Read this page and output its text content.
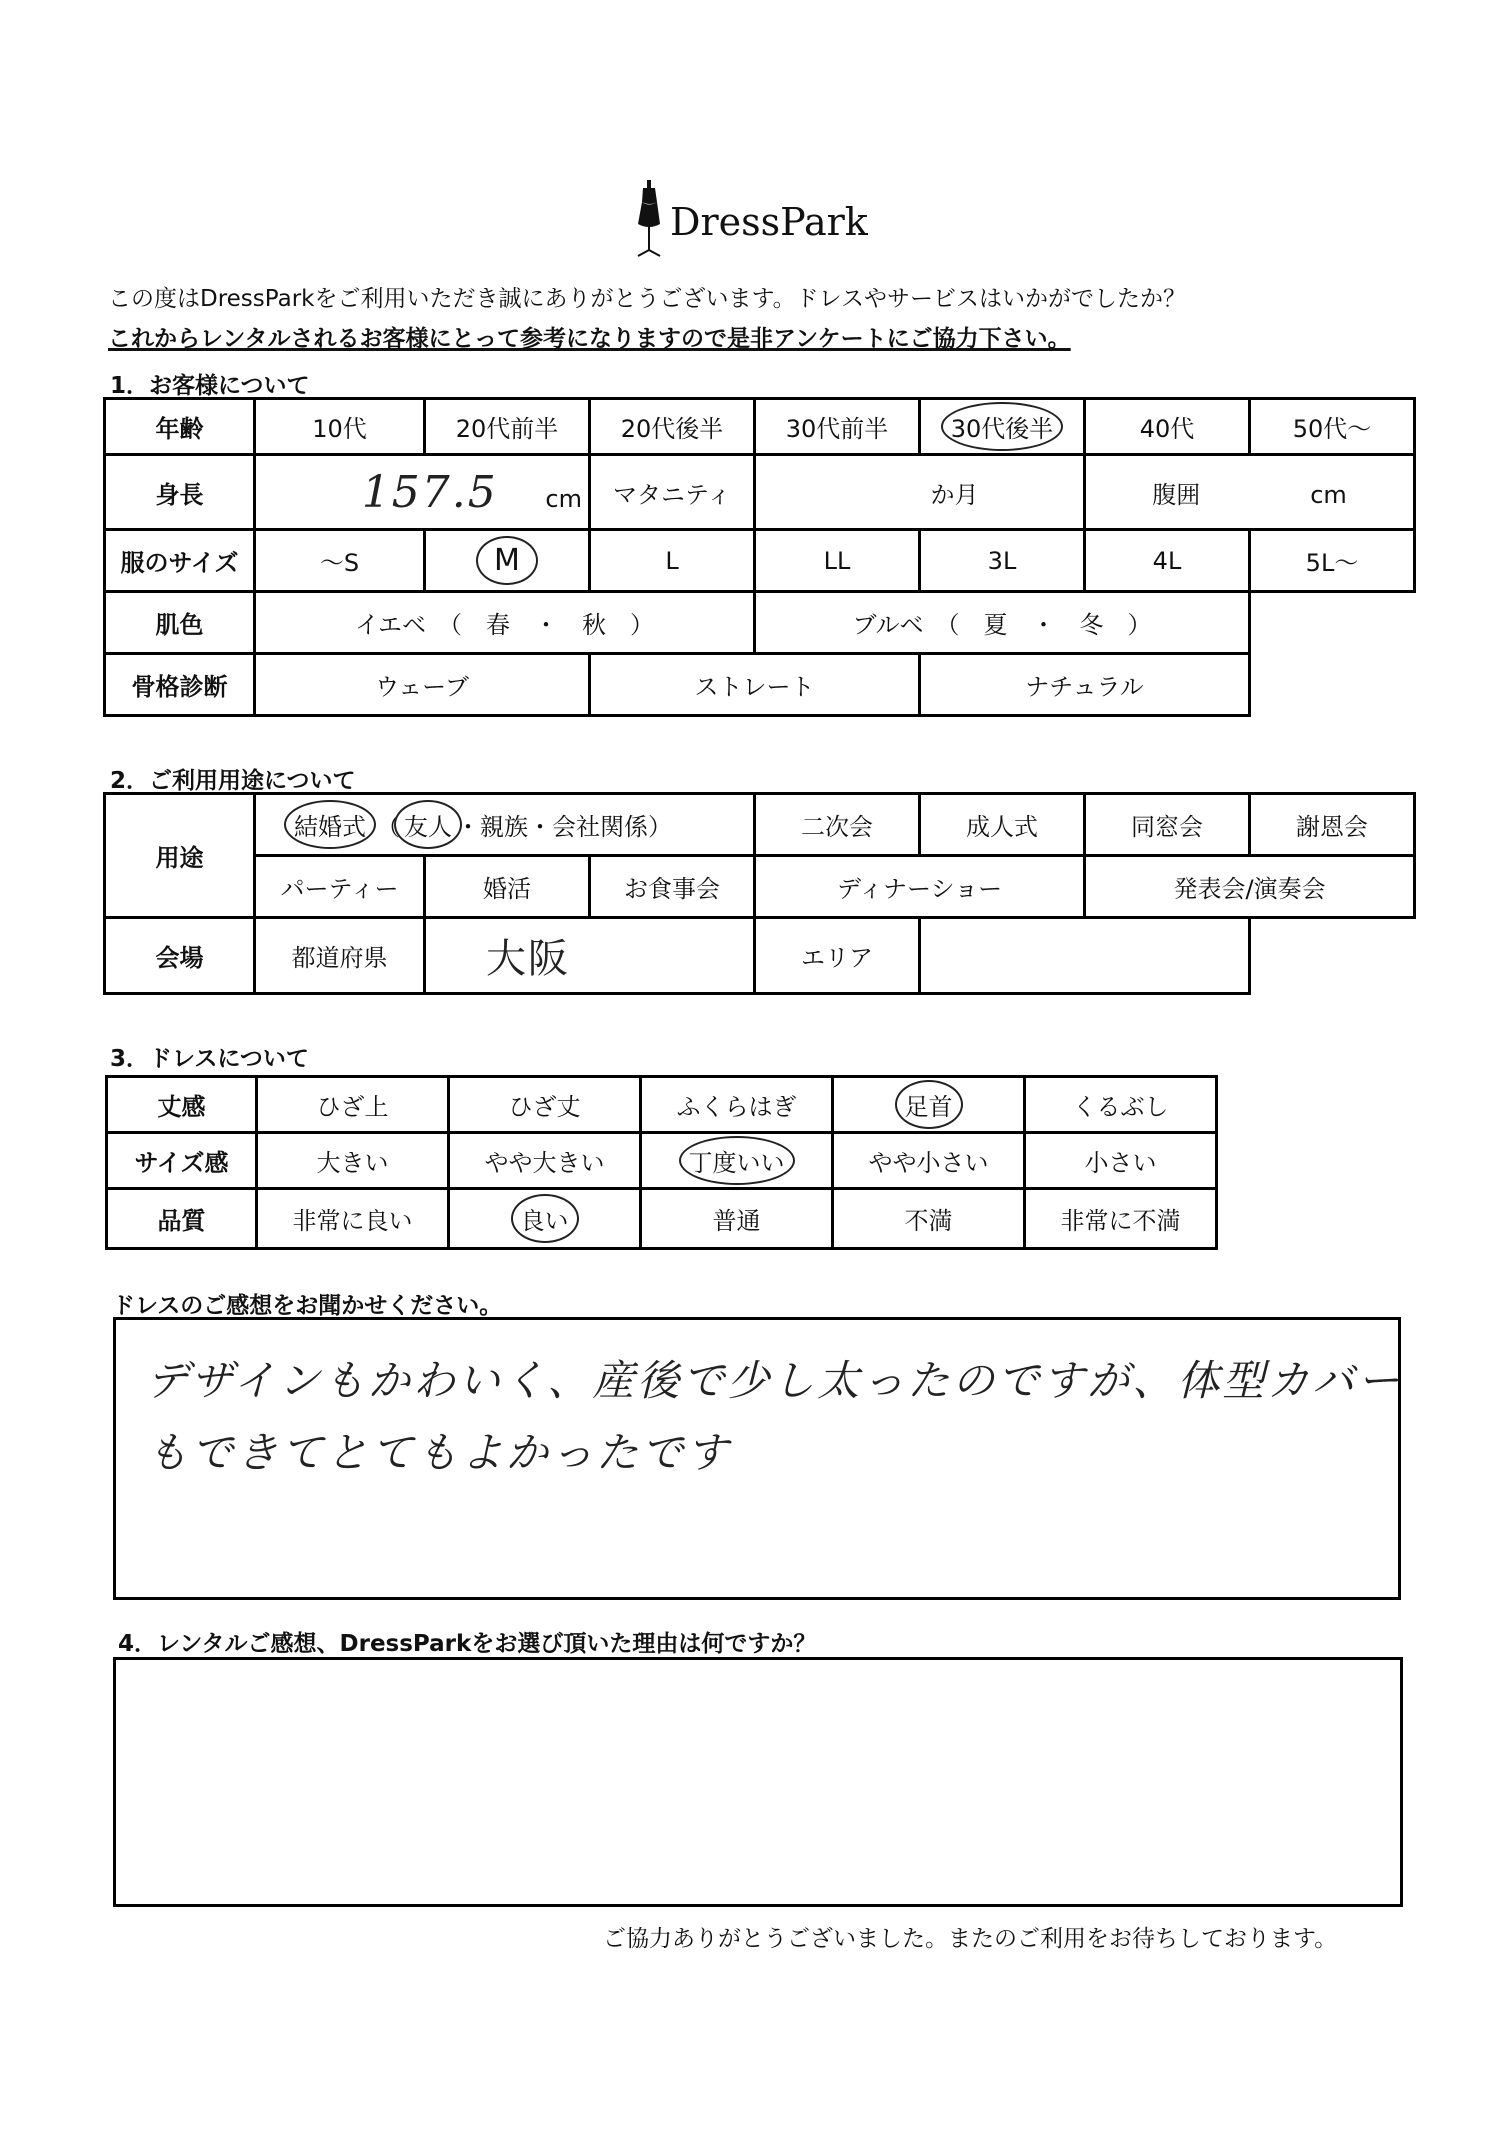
DressPark
この度はDressParkをご利用いただき誠にありがとうございます。ドレスやサービスはいかがでしたか？
これからレンタルされるお客様にとって参考になりますので是非アンケートにご協力下さい。
1．お客様について
年齢	10代	20代前半	20代後半	30代前半	30代後半	40代	50代～
身長	157.5 cm		マタニティ	か月		腹囲 cm	
服のサイズ	～S	M	L	LL	3L	4L	5L～
肌色	イエベ　 （　 春　 ・　 秋　 ）			ブルベ　 （　 夏　 ・　 冬　 ）			
骨格診断	ウェーブ		ストレート		ナチュラル		
2．ご利用用途について
用途	結婚式 （ 友人 ・親族・会社関係）			二次会	成人式	同窓会	謝恩会
	パーティー	婚活	お食事会	ディナーショー		発表会/演奏会	
会場	都道府県	大阪		エリア			
3．ドレスについて
丈感	ひざ上	ひざ丈	ふくらはぎ	足首	くるぶし
サイズ感	大きい	やや大きい	丁度いい	やや小さい	小さい
品質	非常に良い	良い	普通	不満	非常に不満
ドレスのご感想をお聞かせください。
デザインもかわいく、産後で少し太ったのですが、体型カバー
もできてとてもよかったです
4．レンタルご感想、DressParkをお選び頂いた理由は何ですか？
ご協力ありがとうございました。またのご利用をお待ちしております。
